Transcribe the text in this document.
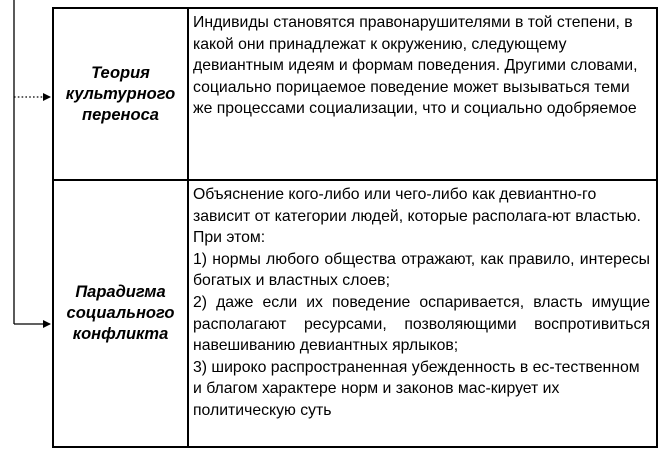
Теория
культурного
переноса

Индивиды становятся правонарушителями в той степени, в какой они принадлежат к окружению, следующему девиантным идеям и формам поведения. Другими словами, социально порицаемое поведение может вызываться теми же процессами социализации, что и социально одобряемое

Парадигма
социального
конфликта

Объяснение кого-либо или чего-либо как девиантно-го зависит от категории людей, которые располага-ют властью. При этом:

1) нормы любого общества отражают, как правило, интересы богатых и властных слоев;

2) даже если их поведение оспаривается, власть имущие располагают ресурсами, позволяющими воспротивиться навешиванию девиантных ярлыков;

3) широко распространенная убежденность в ес-тественном и благом характере норм и законов мас-кирует их политическую суть
